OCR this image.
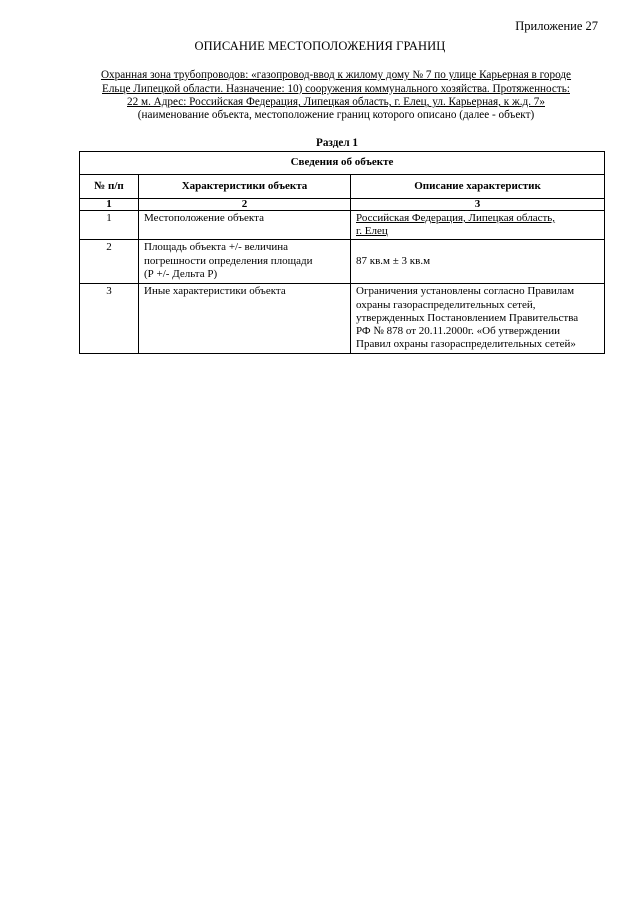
Приложение 27
ОПИСАНИЕ МЕСТОПОЛОЖЕНИЯ ГРАНИЦ
Охранная зона трубопроводов: «газопровод-ввод к жилому дому № 7 по улице Карьерная в городе
Ельце Липецкой области. Назначение: 10) сооружения коммунального хозяйства. Протяженность:
22 м. Адрес: Российская Федерация, Липецкая область, г. Елец, ул. Карьерная, к ж.д. 7»
(наименование объекта, местоположение границ которого описано (далее - объект)
Раздел 1
Сведения об объекте		
№ п/п	Характеристики объекта	Описание характеристик
1	2	3
1	Местоположение объекта	Российская Федерация, Липецкая область,
г. Елец

2	Площадь объекта +/- величина
погрешности определения площади
(Р +/- Дельта Р)	87 кв.м ± 3 кв.м

3	Иные характеристики объекта	Ограничения установлены согласно Правилам
охраны газораспределительных сетей,
утвержденных Постановлением Правительства
РФ № 878 от 20.11.2000г. «Об утверждении
Правил охраны газораспределительных сетей»
